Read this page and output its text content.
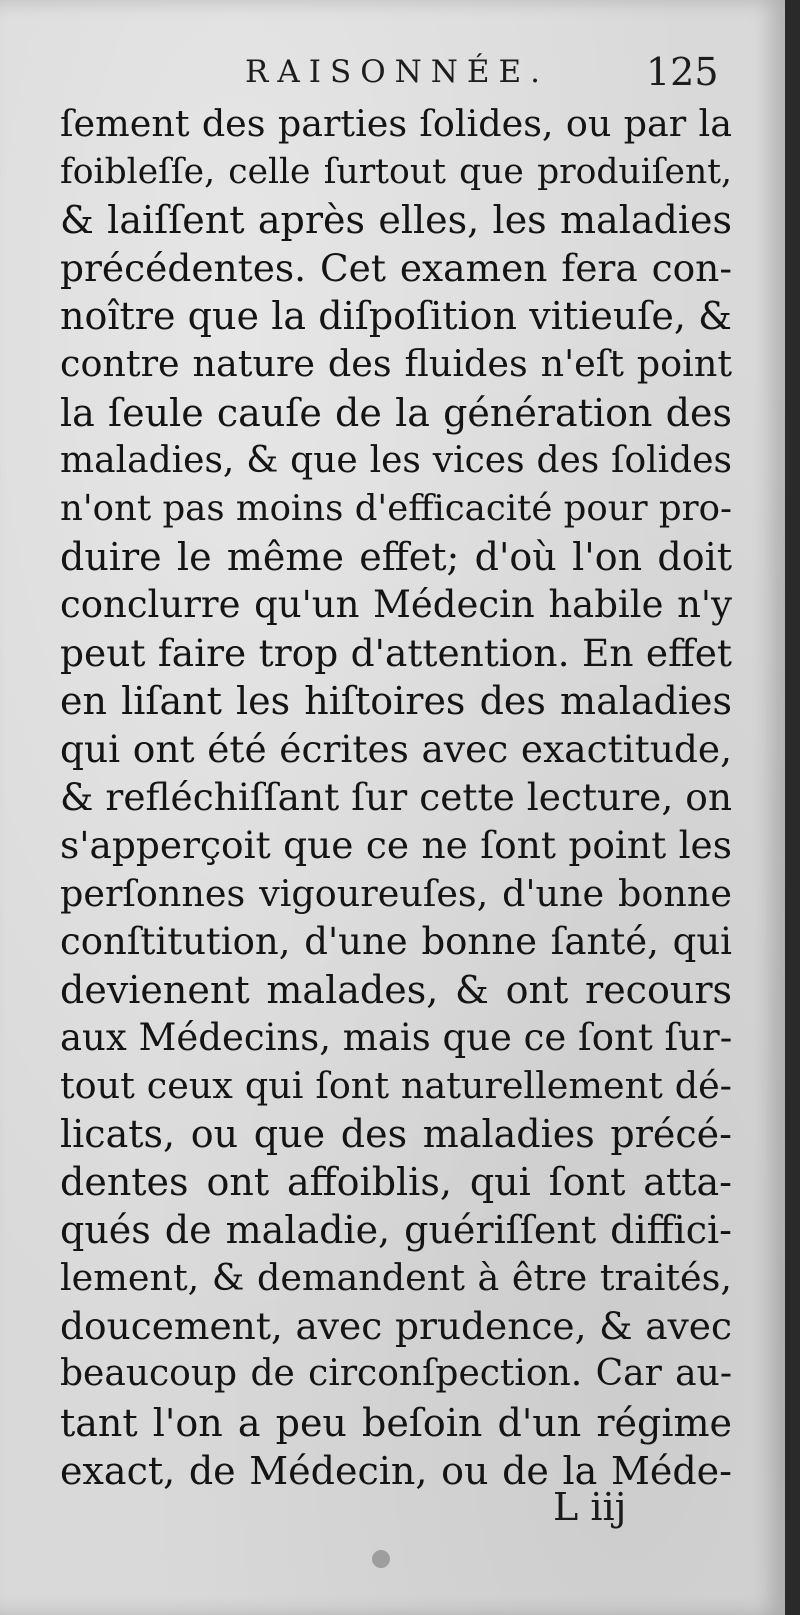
RAISONNÉE.	125
ſement des parties ſolides, ou par la
foibleſſe, celle ſurtout que produiſent,
& laiſſent après elles, les maladies
précédentes. Cet examen fera con-
noître que la diſpoſition vitieuſe, &
contre nature des fluides n'eſt point
la ſeule cauſe de la génération des
maladies, & que les vices des ſolides
n'ont pas moins d'efficacité pour pro-
duire le même effet; d'où l'on doit
conclurre qu'un Médecin habile n'y
peut faire trop d'attention. En effet
en liſant les hiſtoires des maladies
qui ont été écrites avec exactitude,
& refléchiſſant ſur cette lecture, on
s'apperçoit que ce ne ſont point les
perſonnes vigoureuſes, d'une bonne
conſtitution, d'une bonne ſanté, qui
devienent malades, & ont recours
aux Médecins, mais que ce ſont ſur-
tout ceux qui ſont naturellement dé-
licats, ou que des maladies précé-
dentes ont affoiblis, qui ſont atta-
qués de maladie, guériſſent diffici-
lement, & demandent à être traités,
doucement, avec prudence, & avec
beaucoup de circonſpection. Car au-
tant l'on a peu beſoin d'un régime
exact, de Médecin, ou de la Méde-
L iij
